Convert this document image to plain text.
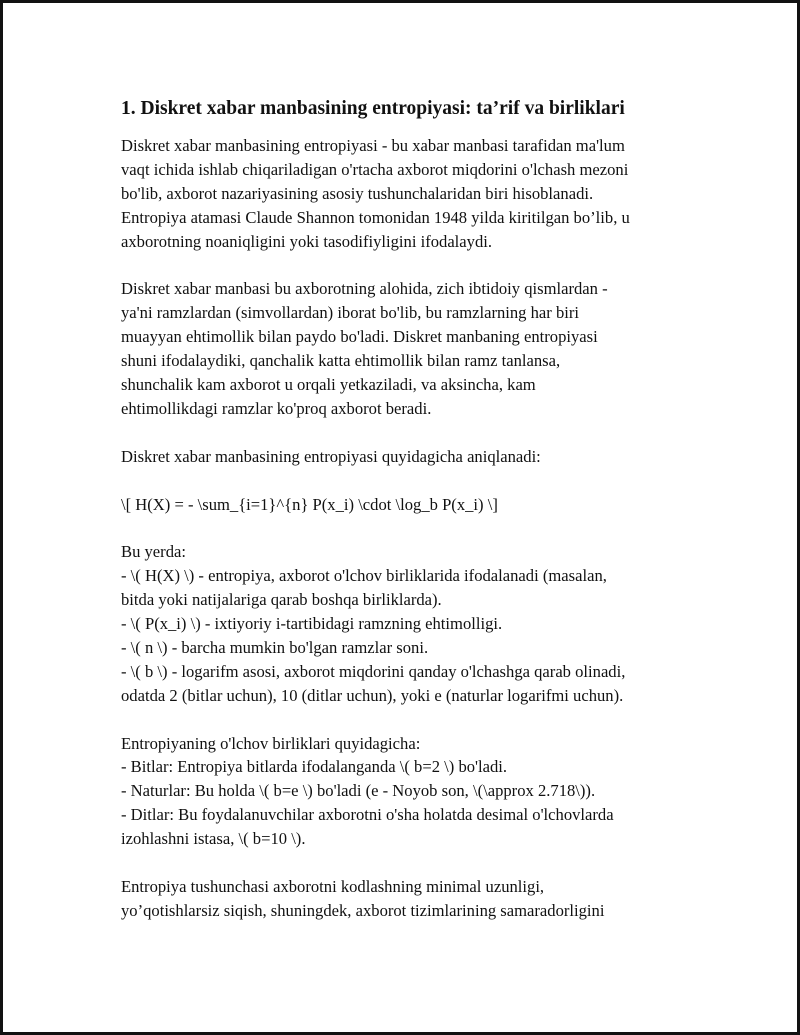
1. Diskret xabar manbasining entropiyasi: ta’rif va birliklari
Diskret xabar manbasining entropiyasi - bu xabar manbasi tarafidan ma'lum
vaqt ichida ishlab chiqariladigan o'rtacha axborot miqdorini o'lchash mezoni
bo'lib, axborot nazariyasining asosiy tushunchalaridan biri hisoblanadi.
Entropiya atamasi Claude Shannon tomonidan 1948 yilda kiritilgan bo’lib, u
axborotning noaniqligini yoki tasodifiyligini ifodalaydi.
Diskret xabar manbasi bu axborotning alohida, zich ibtidoiy qismlardan -
ya'ni ramzlardan (simvollardan) iborat bo'lib, bu ramzlarning har biri
muayyan ehtimollik bilan paydo bo'ladi. Diskret manbaning entropiyasi
shuni ifodalaydiki, qanchalik katta ehtimollik bilan ramz tanlansa,
shunchalik kam axborot u orqali yetkaziladi, va aksincha, kam
ehtimollikdagi ramzlar ko'proq axborot beradi.
Diskret xabar manbasining entropiyasi quyidagicha aniqlanadi:
\[ H(X) = - \sum_{i=1}^{n} P(x_i) \cdot \log_b P(x_i) \]
Bu yerda:
- \( H(X) \) - entropiya, axborot o'lchov birliklarida ifodalanadi (masalan,
bitda yoki natijalariga qarab boshqa birliklarda).
- \( P(x_i) \) - ixtiyoriy i-tartibidagi ramzning ehtimolligi.
- \( n \) - barcha mumkin bo'lgan ramzlar soni.
- \( b \) - logarifm asosi, axborot miqdorini qanday o'lchashga qarab olinadi,
odatda 2 (bitlar uchun), 10 (ditlar uchun), yoki e (naturlar logarifmi uchun).
Entropiyaning o'lchov birliklari quyidagicha:
- Bitlar: Entropiya bitlarda ifodalanganda \( b=2 \) bo'ladi.
- Naturlar: Bu holda \( b=e \) bo'ladi (e - Noyob son, \(\approx 2.718\)).
- Ditlar: Bu foydalanuvchilar axborotni o'sha holatda desimal o'lchovlarda
izohlashni istasa, \( b=10 \).
Entropiya tushunchasi axborotni kodlashning minimal uzunligi,
yo’qotishlarsiz siqish, shuningdek, axborot tizimlarining samaradorligini
